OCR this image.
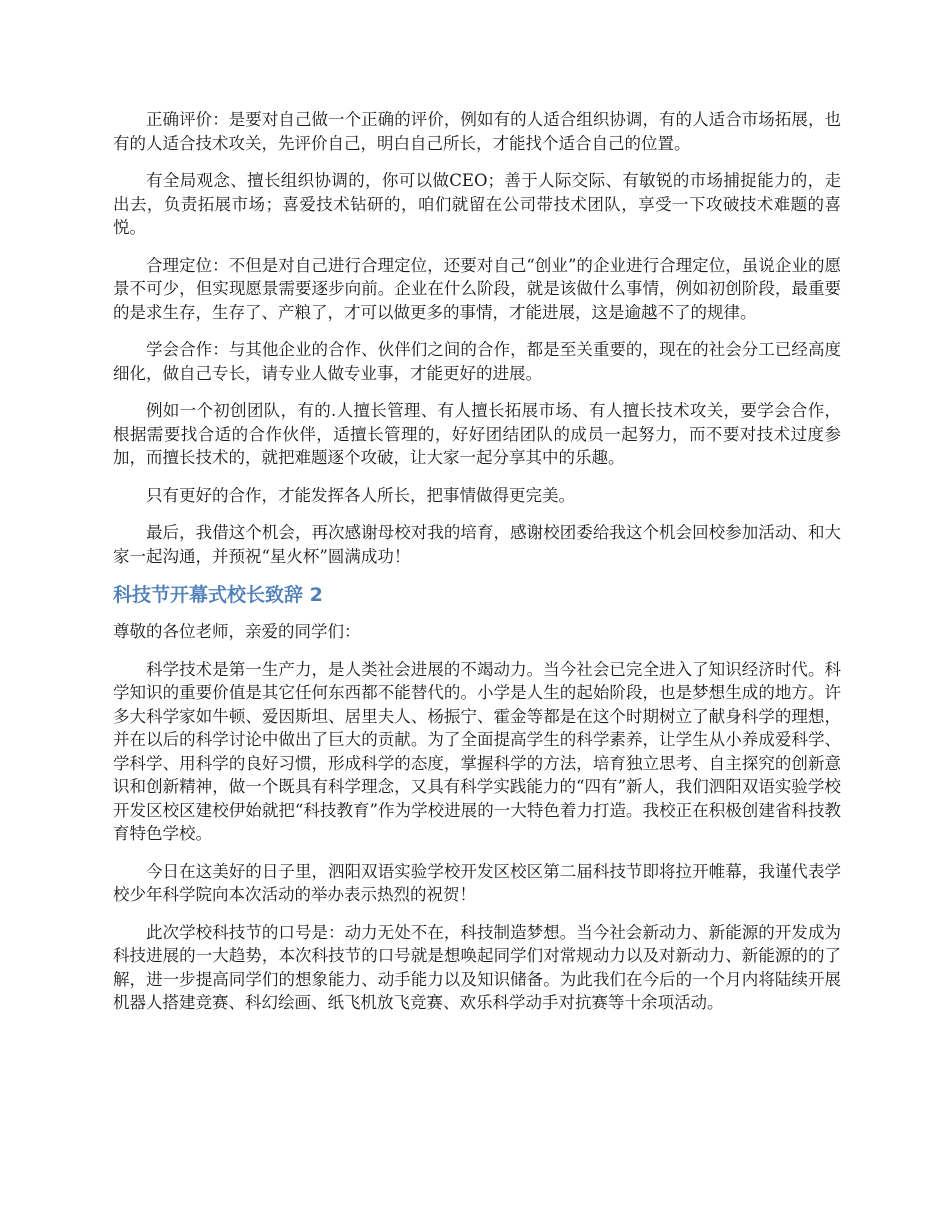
正确评价：是要对自己做一个正确的评价，例如有的人适合组织协调，有的人适合市场拓展，也有的人适合技术攻关，先评价自己，明白自己所长，才能找个适合自己的位置。

有全局观念、擅长组织协调的，你可以做CEO；善于人际交际、有敏锐的市场捕捉能力的，走出去，负责拓展市场；喜爱技术钻研的，咱们就留在公司带技术团队，享受一下攻破技术难题的喜悦。

合理定位：不但是对自己进行合理定位，还要对自己“创业”的企业进行合理定位，虽说企业的愿景不可少，但实现愿景需要逐步向前。企业在什么阶段，就是该做什么事情，例如初创阶段，最重要的是求生存，生存了、产粮了，才可以做更多的事情，才能进展，这是逾越不了的规律。

学会合作：与其他企业的合作、伙伴们之间的合作，都是至关重要的，现在的社会分工已经高度细化，做自己专长，请专业人做专业事，才能更好的进展。

例如一个初创团队，有的.人擅长管理、有人擅长拓展市场、有人擅长技术攻关，要学会合作，根据需要找合适的合作伙伴，适擅长管理的，好好团结团队的成员一起努力，而不要对技术过度参加，而擅长技术的，就把难题逐个攻破，让大家一起分享其中的乐趣。

只有更好的合作，才能发挥各人所长，把事情做得更完美。

最后，我借这个机会，再次感谢母校对我的培育，感谢校团委给我这个机会回校参加活动、和大家一起沟通，并预祝“星火杯”圆满成功！

科技节开幕式校长致辞 2

尊敬的各位老师，亲爱的同学们：

科学技术是第一生产力，是人类社会进展的不竭动力。当今社会已完全进入了知识经济时代。科学知识的重要价值是其它任何东西都不能替代的。小学是人生的起始阶段，也是梦想生成的地方。许多大科学家如牛顿、爱因斯坦、居里夫人、杨振宁、霍金等都是在这个时期树立了献身科学的理想，并在以后的科学讨论中做出了巨大的贡献。为了全面提高学生的科学素养，让学生从小养成爱科学、学科学、用科学的良好习惯，形成科学的态度，掌握科学的方法，培育独立思考、自主探究的创新意识和创新精神，做一个既具有科学理念，又具有科学实践能力的“四有”新人，我们泗阳双语实验学校开发区校区建校伊始就把“科技教育”作为学校进展的一大特色着力打造。我校正在积极创建省科技教育特色学校。

今日在这美好的日子里，泗阳双语实验学校开发区校区第二届科技节即将拉开帷幕，我谨代表学校少年科学院向本次活动的举办表示热烈的祝贺！

此次学校科技节的口号是：动力无处不在，科技制造梦想。当今社会新动力、新能源的开发成为科技进展的一大趋势，本次科技节的口号就是想唤起同学们对常规动力以及对新动力、新能源的的了解，进一步提高同学们的想象能力、动手能力以及知识储备。为此我们在今后的一个月内将陆续开展机器人搭建竞赛、科幻绘画、纸飞机放飞竞赛、欢乐科学动手对抗赛等十余项活动。
